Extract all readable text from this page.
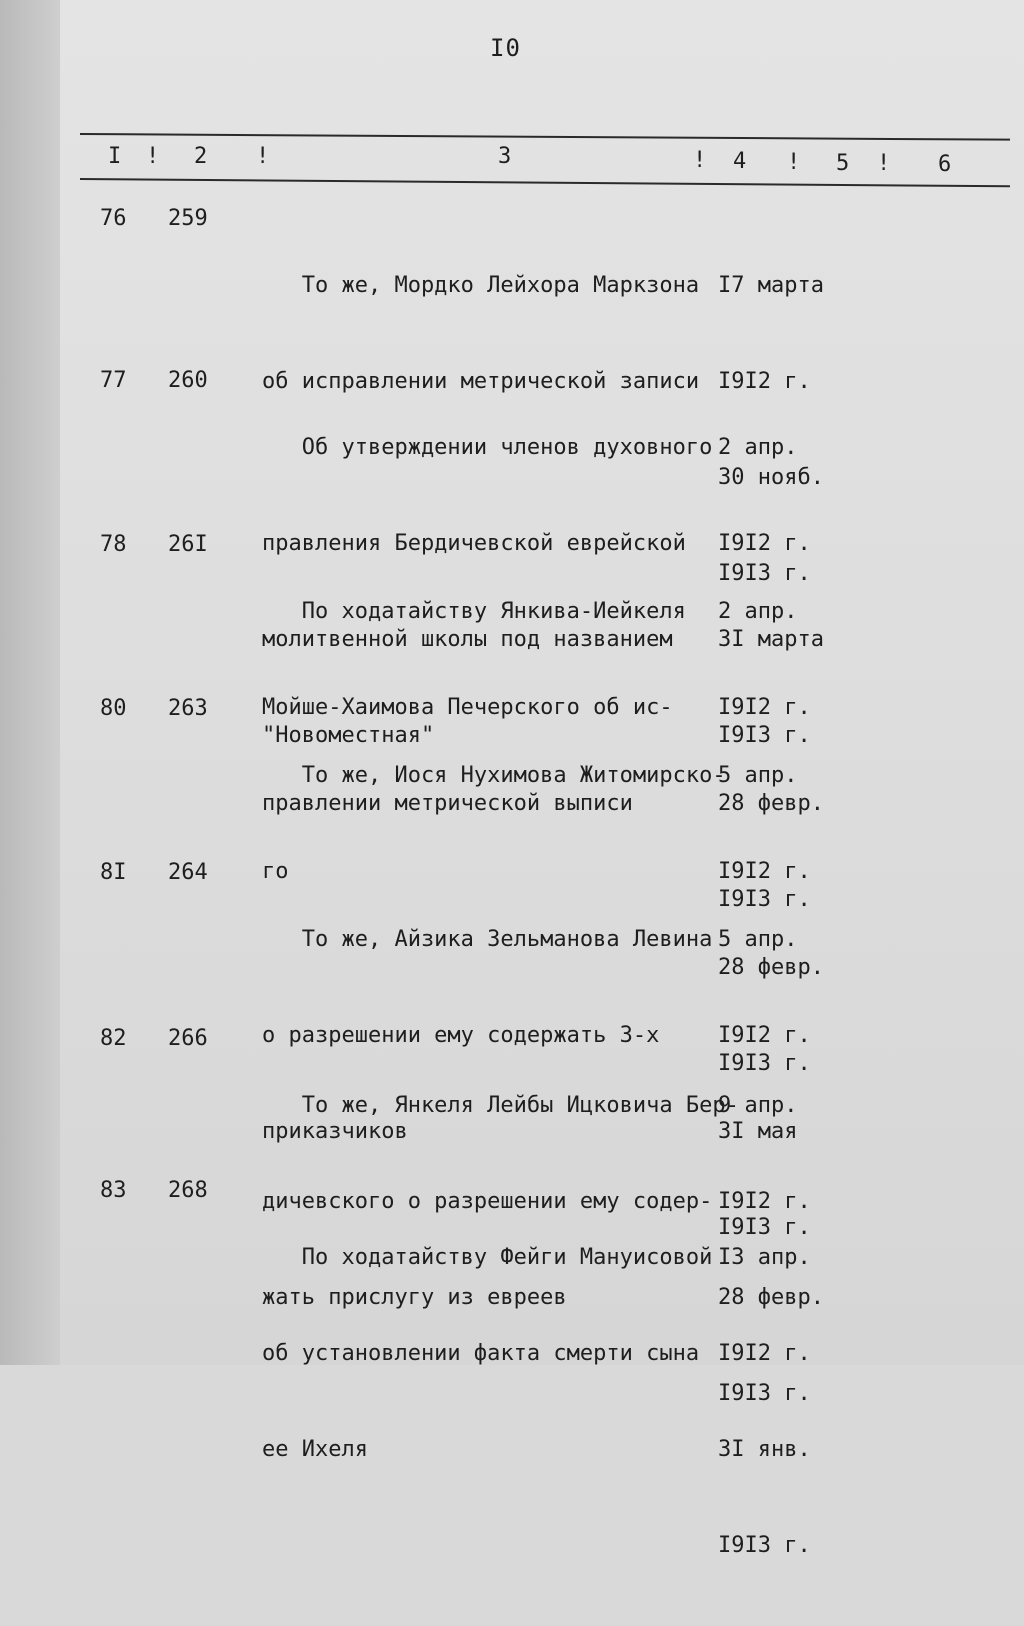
I0
I ! 2 !	3	! 4 ! 5 ! 6
76 259

То же, Мордко Лейхора Маркзона

об исправлении метрической записи

I7 марта

I9I2 г.

30 нояб.

I9I3 г.

77 260

Об утверждении членов духовного

правления Бердичевской еврейской

молитвенной школы под названием

"Новоместная"

2 апр.

I9I2 г.

3I марта

I9I3 г.

78 26I

По ходатайству Янкива-Иейкеля

Мойше-Хаимова Печерского об ис-

правлении метрической выписи

2 апр.

I9I2 г.

28 февр.

I9I3 г.

80 263

То же, Иося Нухимова Житомирско-

го

5 апр.

I9I2 г.

28 февр.

I9I3 г.

8I 264

То же, Айзика Зельманова Левина

о разрешении ему содержать 3-х

приказчиков

5 апр.

I9I2 г.

3I мая

I9I3 г.

82 266

То же, Янкеля Лейбы Ицковича Бер-

дичевского о разрешении ему содер-

жать прислугу из евреев

9 апр.

I9I2 г.

28 февр.

I9I3 г.

83 268

По ходатайству Фейги Мануисовой

об установлении факта смерти сына

ее Ихеля

I3 апр.

I9I2 г.

3I янв.

I9I3 г.
